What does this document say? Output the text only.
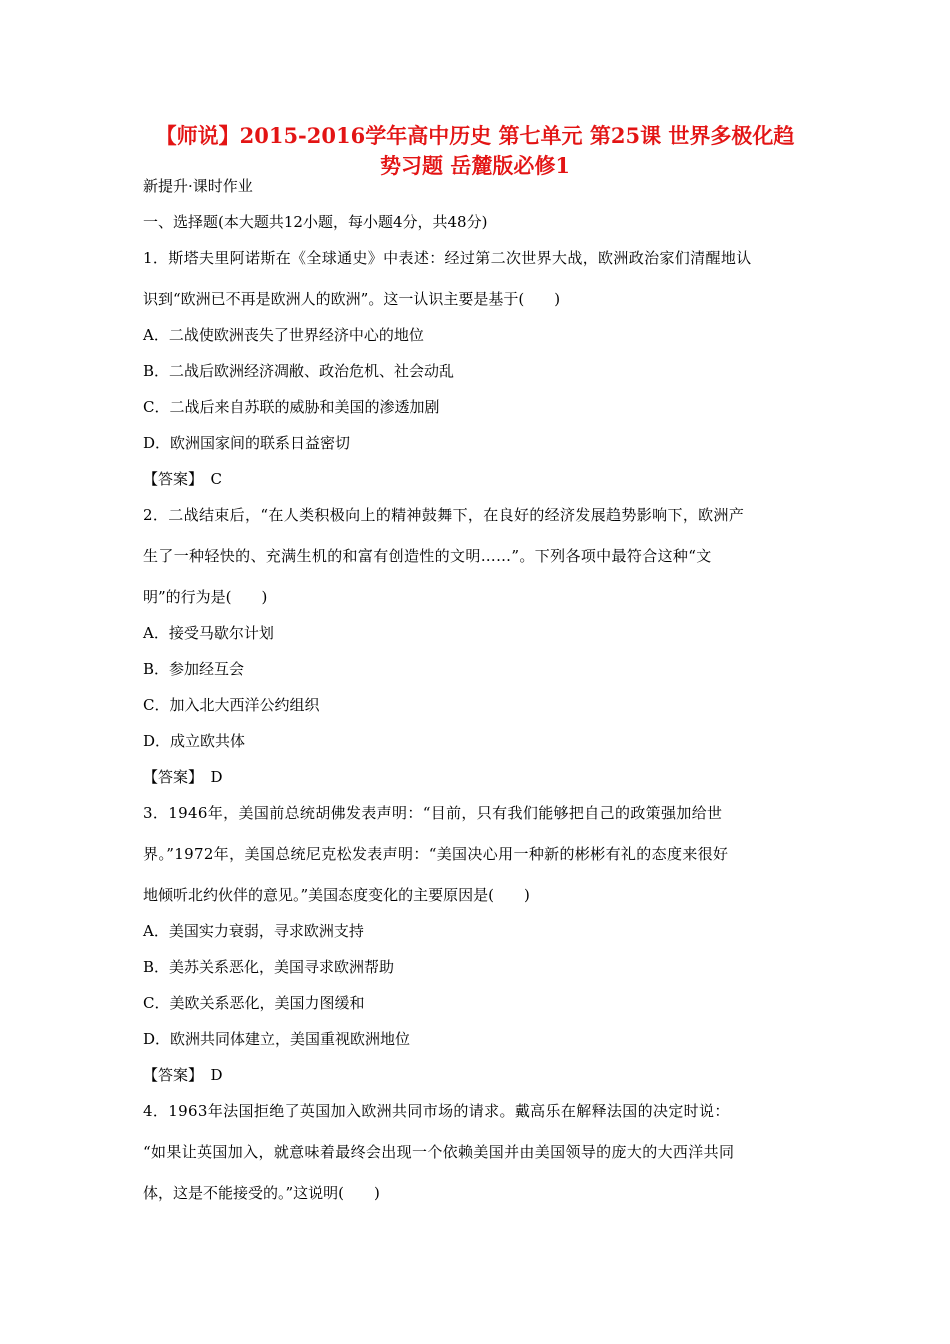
【师说】2015-2016学年高中历史 第七单元 第25课 世界多极化趋
势习题 岳麓版必修1
新提升·课时作业
一、选择题(本大题共12小题，每小题4分，共48分)
1．斯塔夫里阿诺斯在《全球通史》中表述：经过第二次世界大战，欧洲政治家们清醒地认
识到“欧洲已不再是欧洲人的欧洲”。这一认识主要是基于(　　)
A．二战使欧洲丧失了世界经济中心的地位
B．二战后欧洲经济凋敝、政治危机、社会动乱
C．二战后来自苏联的威胁和美国的渗透加剧
D．欧洲国家间的联系日益密切
【答案】　 C
2．二战结束后，“在人类积极向上的精神鼓舞下，在良好的经济发展趋势影响下，欧洲产
生了一种轻快的、充满生机的和富有创造性的文明……”。下列各项中最符合这种“文
明”的行为是(　　)
A．接受马歇尔计划
B．参加经互会
C．加入北大西洋公约组织
D．成立欧共体
【答案】　 D
3．1946年，美国前总统胡佛发表声明：“目前，只有我们能够把自己的政策强加给世
界。”1972年，美国总统尼克松发表声明：“美国决心用一种新的彬彬有礼的态度来很好
地倾听北约伙伴的意见。”美国态度变化的主要原因是(　　)
A．美国实力衰弱，寻求欧洲支持
B．美苏关系恶化，美国寻求欧洲帮助
C．美欧关系恶化，美国力图缓和
D．欧洲共同体建立，美国重视欧洲地位
【答案】　 D
4．1963年法国拒绝了英国加入欧洲共同市场的请求。戴高乐在解释法国的决定时说：
“如果让英国加入，就意味着最终会出现一个依赖美国并由美国领导的庞大的大西洋共同
体，这是不能接受的。”这说明(　　)
